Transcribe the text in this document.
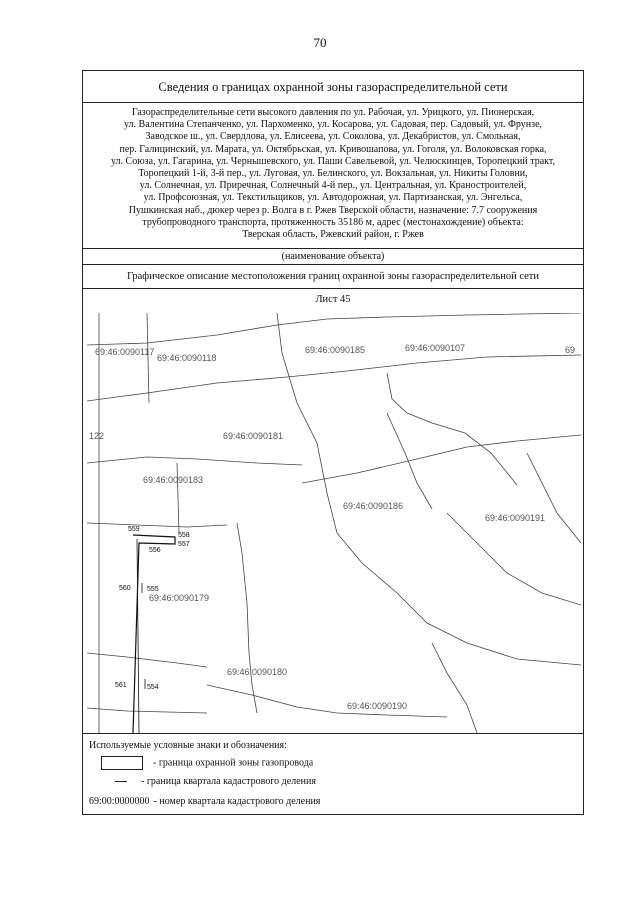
70
Сведения о границах охранной зоны газораспределительной сети
Газораспределительные сети высокого давления по ул. Рабочая, ул. Урицкого, ул. Пионерская,
ул. Валентина Степанченко, ул. Пархоменко, ул. Косарова, ул. Садовая, пер. Садовый, ул. Фрунзе,
Заводское ш., ул. Свердлова, ул. Елисеева, ул. Соколова, ул. Декабристов, ул. Смольная,
пер. Галицинский, ул. Марата, ул. Октябрьская, ул. Кривошапова, ул. Гоголя, ул. Волоковская горка,
ул. Союза, ул. Гагарина, ул. Чернышевского, ул. Паши Савельевой, ул. Челюскинцев, Торопецкий тракт,
Торопецкий 1-й, 3-й пер., ул. Луговая, ул. Белинского, ул. Вокзальная, ул. Никиты Головни,
ул. Солнечная, ул. Приречная, Солнечный 4-й пер., ул. Центральная, ул. Краностроителей,
ул. Профсоюзная, ул. Текстильщиков, ул. Автодорожная, ул. Партизанская, ул. Энгельса,
Пушкинская наб., дюкер через р. Волга в г. Ржев Тверской области, назначение: 7.7 сооружения
трубопроводного транспорта, протяженность 35186 м, адрес (местонахождение) объекта:
Тверская область, Ржевский район, г. Ржев
(наименование объекта)
Графическое описание местоположения границ охранной зоны газораспределительной сети
Лист 45
69:46:0090117
69:46:0090118
69:46:0090185	69:46:0090107
69:46:0090181
69:46:0090183
69:46:0090186
69:46:0090191
69:46:0090179
69:46:0090180
69:46:0090190
69
122
559
558
556
557
560 555
561	554
Используемые условные знаки и обозначения:
- граница охранной зоны газопровода
- граница квартала кадастрового деления
69:00:0000000 - номер квартала кадастрового деления
